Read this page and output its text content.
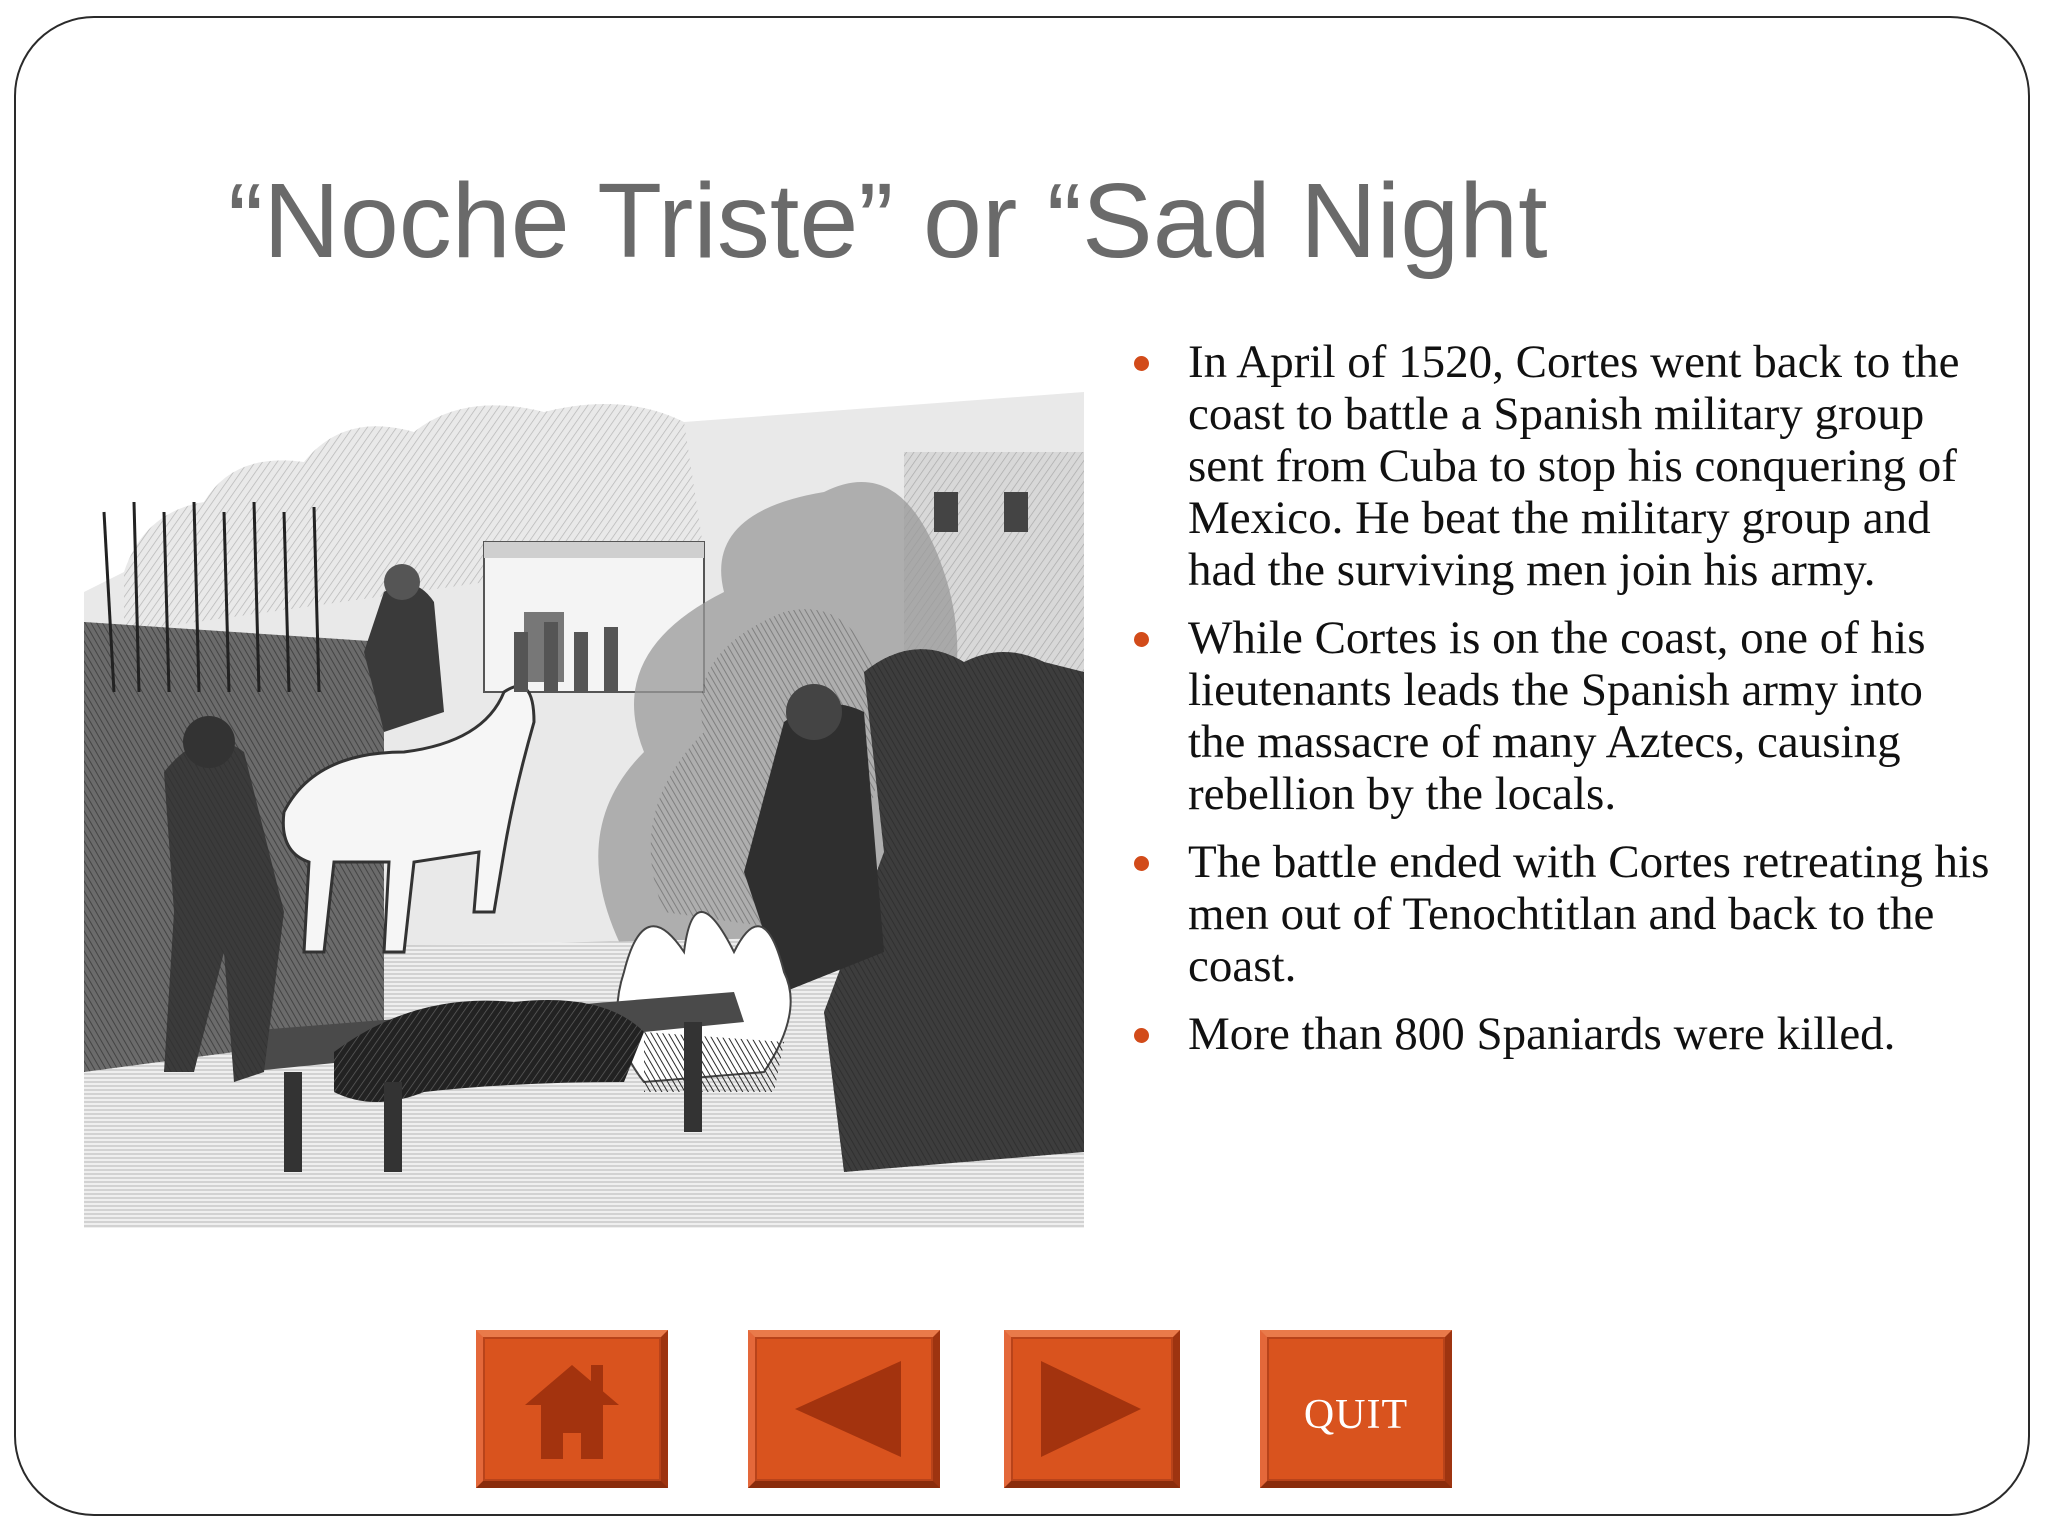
“Noche Triste” or “Sad Night
In April of 1520, Cortes went back to the coast to battle a Spanish military group sent from Cuba to stop his conquering of Mexico. He beat the military group and had the surviving men join his army.
While Cortes is on the coast, one of his lieutenants leads the Spanish army into the massacre of many Aztecs, causing rebellion by the locals.
The battle ended with Cortes retreating his men out of Tenochtitlan and back to the coast.
More than 800 Spaniards were killed.
QUIT
